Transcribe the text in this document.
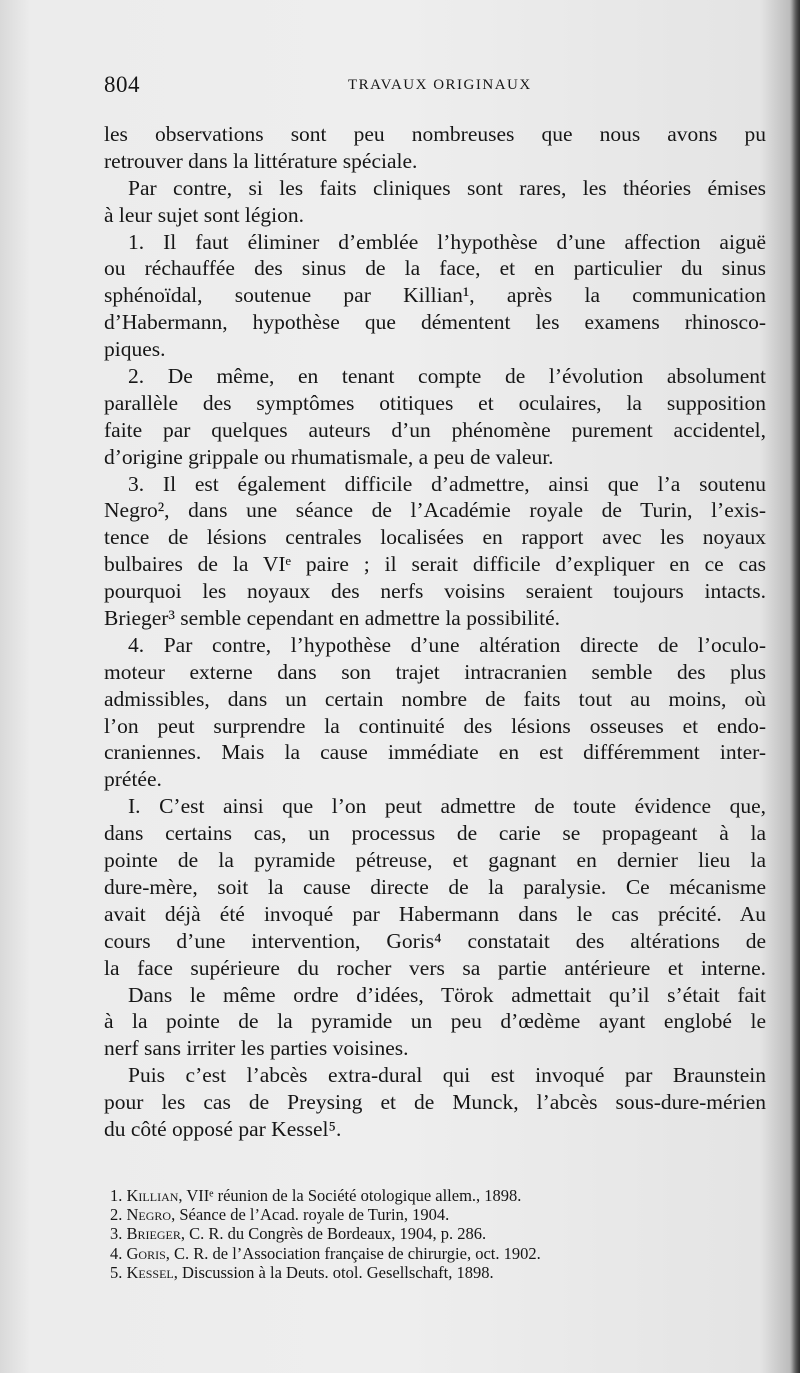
804	TRAVAUX ORIGINAUX
les observations sont peu nombreuses que nous avons pu
retrouver dans la littérature spéciale.
Par contre, si les faits cliniques sont rares, les théories émises
à leur sujet sont légion.
1. Il faut éliminer d’emblée l’hypothèse d’une affection aiguë
ou réchauffée des sinus de la face, et en particulier du sinus
sphénoïdal, soutenue par Killian¹, après la communication
d’Habermann, hypothèse que démentent les examens rhinosco-
piques.
2. De même, en tenant compte de l’évolution absolument
parallèle des symptômes otitiques et oculaires, la supposition
faite par quelques auteurs d’un phénomène purement accidentel,
d’origine grippale ou rhumatismale, a peu de valeur.
3. Il est également difficile d’admettre, ainsi que l’a soutenu
Negro², dans une séance de l’Académie royale de Turin, l’exis-
tence de lésions centrales localisées en rapport avec les noyaux
bulbaires de la VIᵉ paire ; il serait difficile d’expliquer en ce cas
pourquoi les noyaux des nerfs voisins seraient toujours intacts.
Brieger³ semble cependant en admettre la possibilité.
4. Par contre, l’hypothèse d’une altération directe de l’oculo-
moteur externe dans son trajet intracranien semble des plus
admissibles, dans un certain nombre de faits tout au moins, où
l’on peut surprendre la continuité des lésions osseuses et endo-
craniennes. Mais la cause immédiate en est différemment inter-
prétée.
I. C’est ainsi que l’on peut admettre de toute évidence que,
dans certains cas, un processus de carie se propageant à la
pointe de la pyramide pétreuse, et gagnant en dernier lieu la
dure-mère, soit la cause directe de la paralysie. Ce mécanisme
avait déjà été invoqué par Habermann dans le cas précité. Au
cours d’une intervention, Goris⁴ constatait des altérations de
la face supérieure du rocher vers sa partie antérieure et interne.
Dans le même ordre d’idées, Törok admettait qu’il s’était fait
à la pointe de la pyramide un peu d’œdème ayant englobé le
nerf sans irriter les parties voisines.
Puis c’est l’abcès extra-dural qui est invoqué par Braunstein
pour les cas de Preysing et de Munck, l’abcès sous-dure-mérien
du côté opposé par Kessel⁵.
1. Killian, VIIᵉ réunion de la Société otologique allem., 1898.
2. Negro, Séance de l’Acad. royale de Turin, 1904.
3. Brieger, C. R. du Congrès de Bordeaux, 1904, p. 286.
4. Goris, C. R. de l’Association française de chirurgie, oct. 1902.
5. Kessel, Discussion à la Deuts. otol. Gesellschaft, 1898.
